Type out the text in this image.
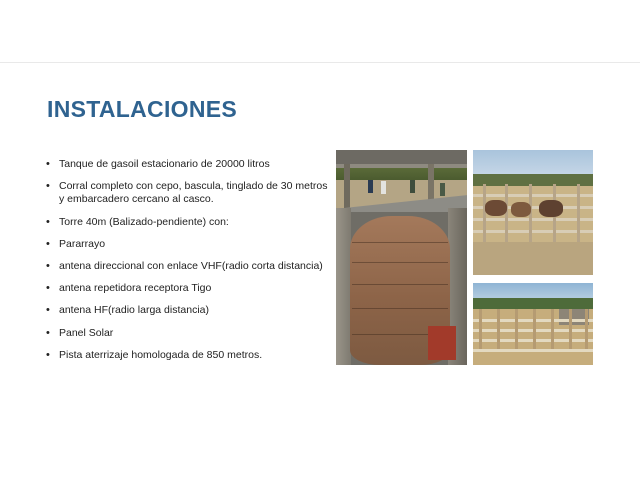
INSTALACIONES
• Tanque de gasoil estacionario de 20000 litros
• Corral completo con cepo, bascula, tinglado de 30 metros y embarcadero cercano al casco.
• Torre 40m (Balizado-pendiente) con:
• Pararrayo
• antena direccional con enlace VHF(radio corta distancia)
• antena repetidora receptora Tigo
• antena HF(radio larga distancia)
• Panel Solar
• Pista aterrizaje homologada de 850 metros.
